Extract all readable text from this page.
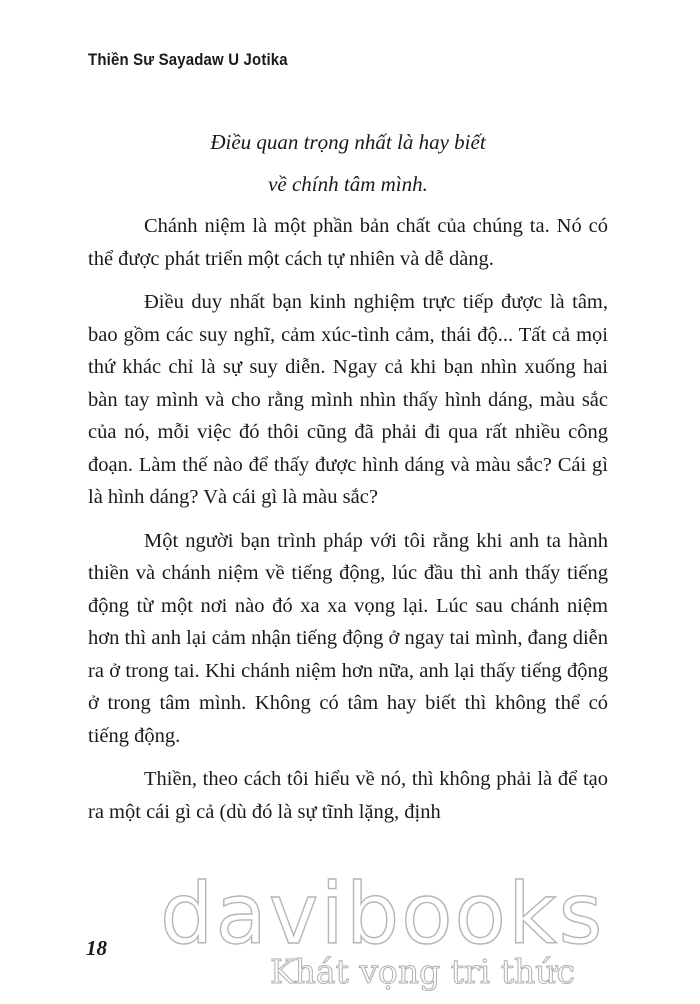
Thiền Sư Sayadaw U Jotika
Điều quan trọng nhất là hay biết
về chính tâm mình.

Chánh niệm là một phần bản chất của chúng ta. Nó có thể được phát triển một cách tự nhiên và dễ dàng.

Điều duy nhất bạn kinh nghiệm trực tiếp được là tâm, bao gồm các suy nghĩ, cảm xúc-tình cảm, thái độ... Tất cả mọi thứ khác chỉ là sự suy diễn. Ngay cả khi bạn nhìn xuống hai bàn tay mình và cho rằng mình nhìn thấy hình dáng, màu sắc của nó, mỗi việc đó thôi cũng đã phải đi qua rất nhiều công đoạn. Làm thế nào để thấy được hình dáng và màu sắc? Cái gì là hình dáng? Và cái gì là màu sắc?

Một người bạn trình pháp với tôi rằng khi anh ta hành thiền và chánh niệm về tiếng động, lúc đầu thì anh thấy tiếng động từ một nơi nào đó xa xa vọng lại. Lúc sau chánh niệm hơn thì anh lại cảm nhận tiếng động ở ngay tai mình, đang diễn ra ở trong tai. Khi chánh niệm hơn nữa, anh lại thấy tiếng động ở trong tâm mình. Không có tâm hay biết thì không thể có tiếng động.

Thiền, theo cách tôi hiểu về nó, thì không phải là để tạo ra một cái gì cả (dù đó là sự tĩnh lặng, định

18 davibooks
Khát vọng tri thức
